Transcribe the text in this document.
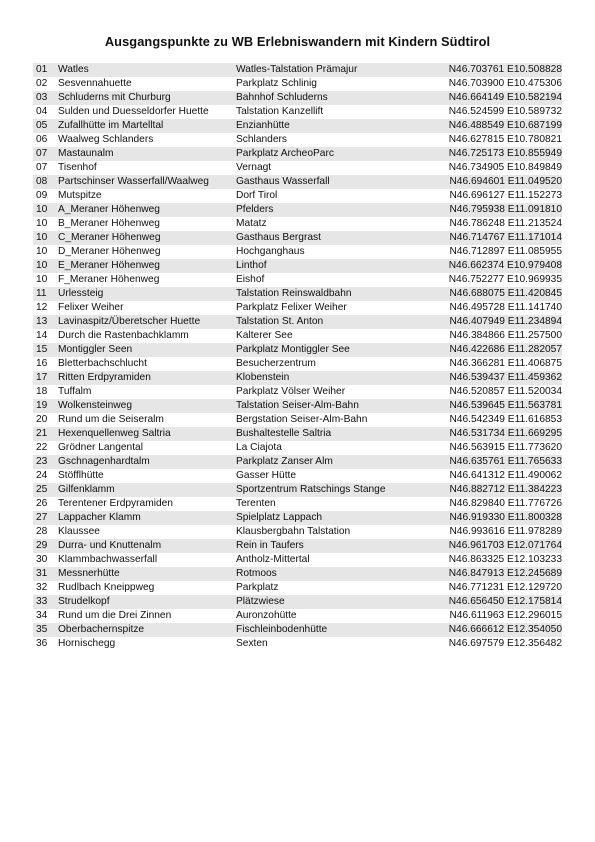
Ausgangspunkte zu WB Erlebniswandern mit Kindern Südtirol
01	Watles	Watles-Talstation Prämajur	N46.703761 E10.508828
02	Sesvennahuette	Parkplatz Schlinig	N46.703900 E10.475306
03	Schluderns mit Churburg	Bahnhof Schluderns	N46.664149 E10.582194
04	Sulden und Duesseldorfer Huette	Talstation Kanzellift	N46.524599 E10.589732
05	Zufallhütte im Martelltal	Enzianhütte	N46.488549 E10.687199
06	Waalweg Schlanders	Schlanders	N46.627815 E10.780821
07	Mastaunalm	Parkplatz ArcheoParc	N46.725173 E10.855949
07	Tisenhof	Vernagt	N46.734905 E10.849849
08	Partschinser Wasserfall/Waalweg	Gasthaus Wasserfall	N46.694601 E11.049520
09	Mutspitze	Dorf Tirol	N46.696127 E11.152273
10	A_Meraner Höhenweg	Pfelders	N46.795938 E11.091810
10	B_Meraner Höhenweg	Matatz	N46.786248 E11.213524
10	C_Meraner Höhenweg	Gasthaus Bergrast	N46.714767 E11.171014
10	D_Meraner Höhenweg	Hochganghaus	N46.712897 E11.085955
10	E_Meraner Höhenweg	Linthof	N46.662374 E10.979408
10	F_Meraner Höhenweg	Eishof	N46.752277 E10.969935
11	Urlessteig	Talstation Reinswaldbahn	N46.688075 E11.420845
12	Felixer Weiher	Parkplatz Felixer Weiher	N46.495728 E11.141740
13	Lavinaspitz/Überetscher Huette	Talstation St. Anton	N46.407949 E11.234894
14	Durch die Rastenbachklamm	Kalterer See	N46.384866 E11.257500
15	Montiggler Seen	Parkplatz Montiggler See	N46.422686 E11.282057
16	Bletterbachschlucht	Besucherzentrum	N46.366281 E11.406875
17	Ritten Erdpyramiden	Klobenstein	N46.539437 E11.459362
18	Tuffalm	Parkplatz Völser Weiher	N46.520857 E11.520034
19	Wolkensteinweg	Talstation Seiser-Alm-Bahn	N46.539645 E11.563781
20	Rund um die Seiseralm	Bergstation Seiser-Alm-Bahn	N46.542349 E11.616853
21	Hexenquellenweg Saltria	Bushaltestelle Saltria	N46.531734 E11.669295
22	Grödner Langental	La Ciajota	N46.563915 E11.773620
23	Gschnagenhardtalm	Parkplatz Zanser Alm	N46.635761 E11.765633
24	Stöfflhütte	Gasser Hütte	N46.641312 E11.490062
25	Gilfenklamm	Sportzentrum Ratschings Stange	N46.882712 E11.384223
26	Terentener Erdpyramiden	Terenten	N46.829840 E11.776726
27	Lappacher Klamm	Spielplatz Lappach	N46.919330 E11.800328
28	Klaussee	Klausbergbahn Talstation	N46.993616 E11.978289
29	Durra- und Knuttenalm	Rein in Taufers	N46.961703 E12.071764
30	Klammbachwasserfall	Antholz-Mittertal	N46.863325 E12.103233
31	Messnerhütte	Rotmoos	N46.847913 E12.245689
32	Rudlbach Kneippweg	Parkplatz	N46.771231 E12.129720
33	Strudelkopf	Plätzwiese	N46.656450 E12.175814
34	Rund um die Drei Zinnen	Auronzohütte	N46.611963 E12.296015
35	Oberbachernspitze	Fischleinbodenhütte	N46.666612 E12.354050
36	Hornischegg	Sexten	N46.697579 E12.356482
